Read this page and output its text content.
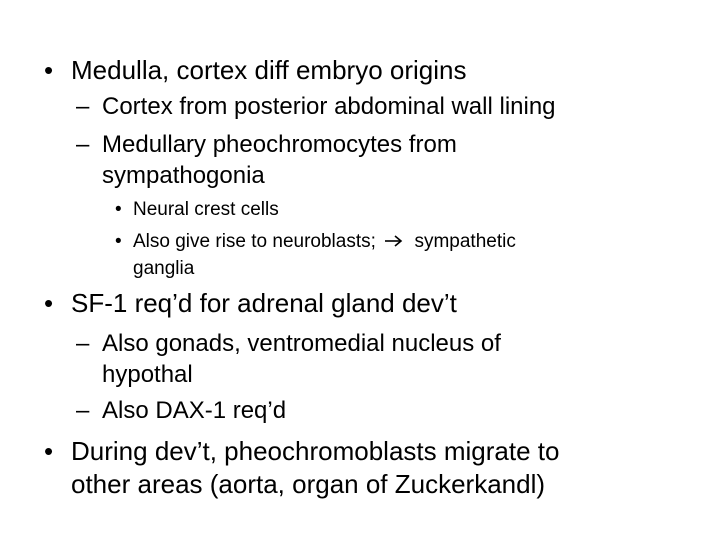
• Medulla, cortex diff embryo origins

– Cortex from posterior abdominal wall lining

– Medullary pheochromocytes from

sympathogonia

• Neural crest cells

• Also give rise to neuroblasts; sympathetic

ganglia

• SF-1 req’d for adrenal gland dev’t

– Also gonads, ventromedial nucleus of

hypothal

– Also DAX-1 req’d

• During dev’t, pheochromoblasts migrate to

other areas (aorta, organ of Zuckerkandl)
